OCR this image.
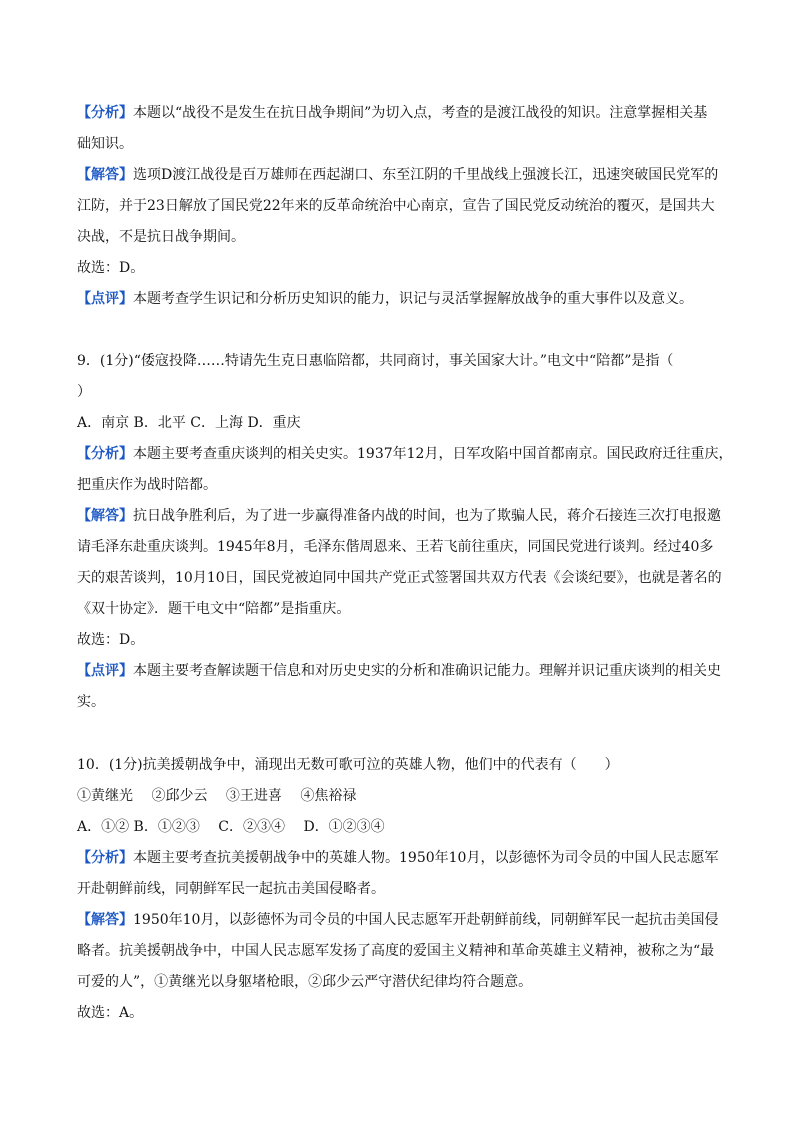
【分析】本题以“战役不是发生在抗日战争期间”为切入点，考查的是渡江战役的知识。注意掌握相关基
础知识。

【解答】选项D渡江战役是百万雄师在西起湖口、东至江阴的千里战线上强渡长江，迅速突破国民党军的
江防，并于23日解放了国民党22年来的反革命统治中心南京，宣告了国民党反动统治的覆灭，是国共大
决战，不是抗日战争期间。

故选：D。

【点评】本题考查学生识记和分析历史知识的能力，识记与灵活掌握解放战争的重大事件以及意义。

9．(1分)“倭寇投降……特请先生克日惠临陪都，共同商讨，事关国家大计。”电文中“陪都”是指（
）

A．南京 B．北平 C．上海 D．重庆

【分析】本题主要考查重庆谈判的相关史实。1937年12月，日军攻陷中国首都南京。国民政府迁往重庆，
把重庆作为战时陪都。

【解答】抗日战争胜利后，为了进一步赢得准备内战的时间，也为了欺骗人民，蒋介石接连三次打电报邀
请毛泽东赴重庆谈判。1945年8月，毛泽东偕周恩来、王若飞前往重庆，同国民党进行谈判。经过40多
天的艰苦谈判，10月10日，国民党被迫同中国共产党正式签署国共双方代表《会谈纪要》，也就是著名的
《双十协定》．题干电文中“陪都”是指重庆。

故选：D。

【点评】本题主要考查解读题干信息和对历史史实的分析和准确识记能力。理解并识记重庆谈判的相关史
实。

10．(1分)抗美援朝战争中，涌现出无数可歌可泣的英雄人物，他们中的代表有（　　）

①黄继光　 ②邱少云　 ③王进喜　 ④焦裕禄

A．①② B．①②③　 C．②③④　 D．①②③④

【分析】本题主要考查抗美援朝战争中的英雄人物。1950年10月，以彭德怀为司令员的中国人民志愿军
开赴朝鲜前线，同朝鲜军民一起抗击美国侵略者。

【解答】1950年10月，以彭德怀为司令员的中国人民志愿军开赴朝鲜前线，同朝鲜军民一起抗击美国侵
略者。抗美援朝战争中，中国人民志愿军发扬了高度的爱国主义精神和革命英雄主义精神，被称之为“最
可爱的人”，①黄继光以身躯堵枪眼，②邱少云严守潜伏纪律均符合题意。

故选：A。
